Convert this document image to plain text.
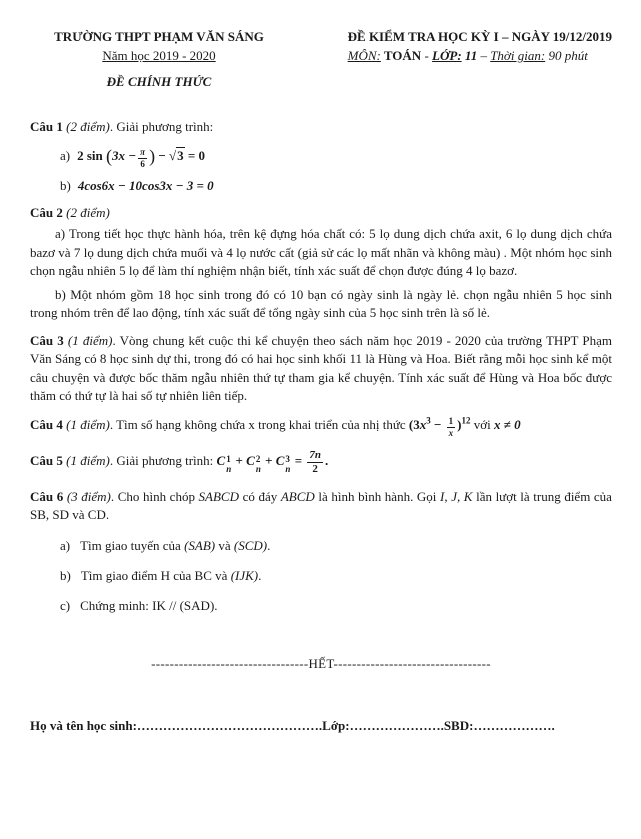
TRƯỜNG THPT PHẠM VĂN SÁNG
Năm học 2019 - 2020
ĐỀ CHÍNH THỨC
ĐỀ KIỂM TRA HỌC KỲ I – NGÀY 19/12/2019
MÔN: TOÁN - LỚP: 11 – Thời gian: 90 phút
Câu 1 (2 điểm). Giải phương trình:
a) 2 $\sin (3x - \frac{\pi}{6}$ ) − √3 = 0
b) 4cos6x − 10cos3x − 3 = 0
Câu 2 (2 điểm)
a) Trong tiết học thực hành hóa, trên kệ đựng hóa chất có: 5 lọ dung dịch chứa axit, 6 lọ dung dịch chứa bazơ và 7 lọ dung dịch chứa muối và 4 lọ nước cất (giả sử các lọ mất nhãn và không màu) . Một nhóm học sinh chọn ngẫu nhiên 5 lọ để làm thí nghiệm nhận biết, tính xác suất để chọn được đúng 4 lọ bazơ.
b) Một nhóm gồm 18 học sinh trong đó có 10 bạn có ngày sinh là ngày lẻ. chọn ngẫu nhiên 5 học sinh trong nhóm trên để lao động, tính xác suất để tổng ngày sinh của 5 học sinh trên là số lẻ.
Câu 3 (1 điểm). Vòng chung kết cuộc thi kể chuyện theo sách năm học 2019 - 2020 của trường THPT Phạm Văn Sáng có 8 học sinh dự thi, trong đó có hai học sinh khối 11 là Hùng và Hoa. Biết rằng mỗi học sinh kể một câu chuyện và được bốc thăm ngẫu nhiên thứ tự tham gia kể chuyện. Tính xác suất để Hùng và Hoa bốc được thăm có thứ tự là hai số tự nhiên liên tiếp.
Câu 4 (1 điểm). Tìm số hạng không chứa x trong khai triển của nhị thức $(3x^3 - \frac{1}{x} )^{12}$ với x ≠ 0
Câu 5 (1 điểm). Giải phương trình: C 1
n
+ C 2
n
+ C 3
n
= $\frac{7n}{2}$ .
Câu 6 (3 điểm). Cho hình chóp SABCD có đáy ABCD là hình bình hành. Gọi I, J, K lần lượt là trung điểm của SB, SD và CD.
a) Tìm giao tuyến của (SAB) và (SCD).
b) Tìm giao điểm H của BC và (IJK).
c) Chứng minh: IK // (SAD).
----------------------------------HẾT----------------------------------
Họ và tên học sinh:…………………………………….Lớp:………………….SBD:……………….
